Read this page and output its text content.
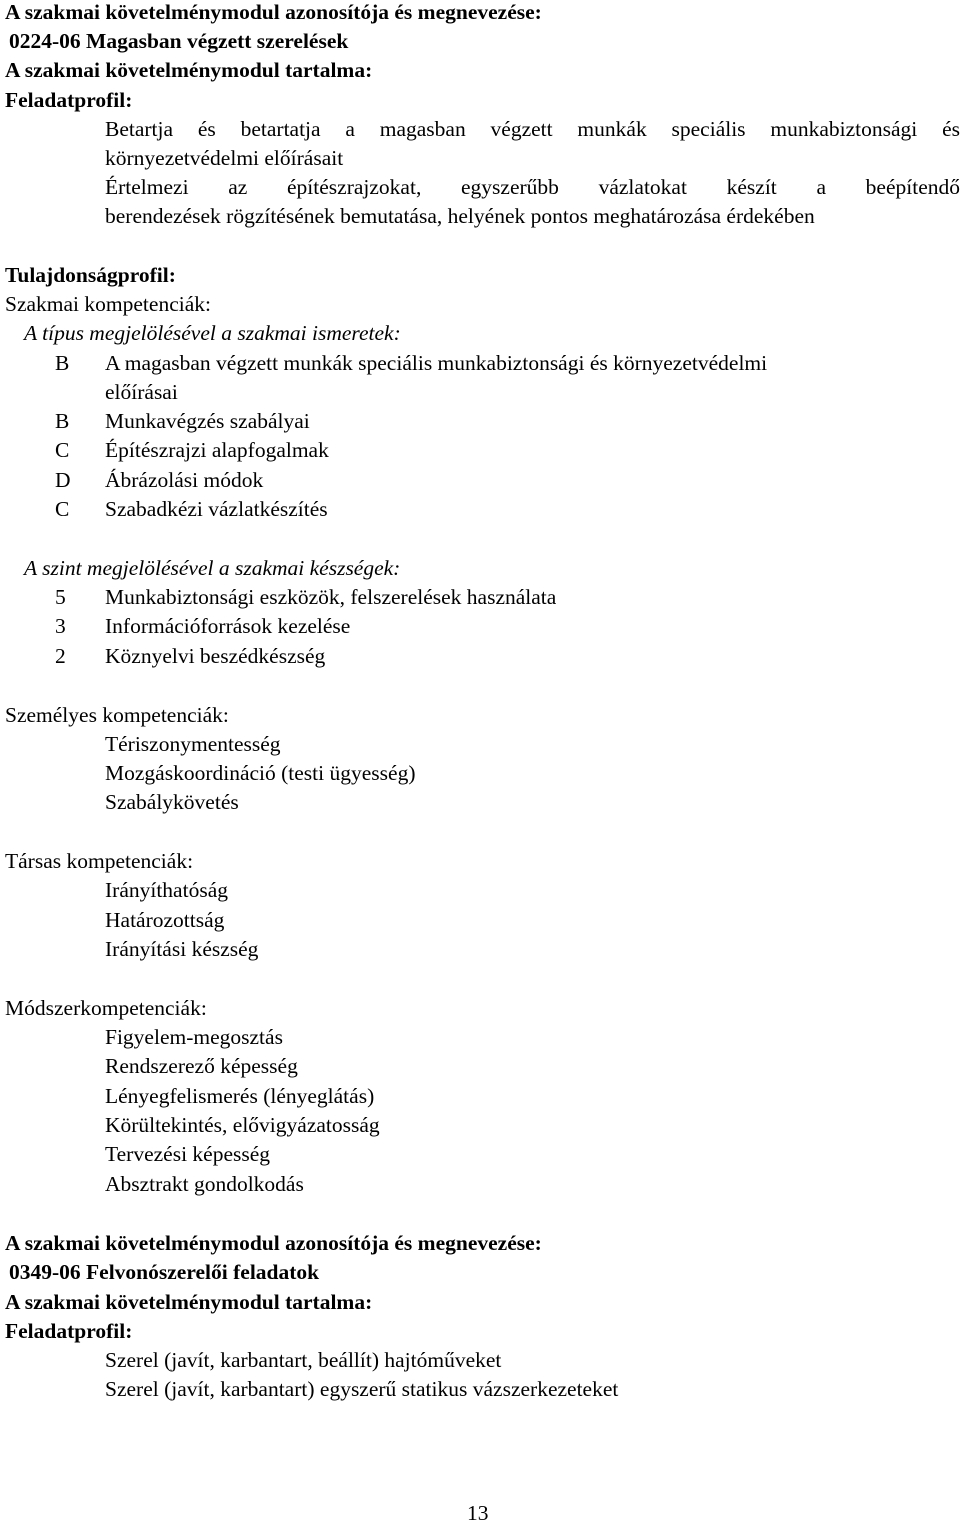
A szakmai követelménymodul azonosítója és megnevezése:
0224-06 Magasban végzett szerelések
A szakmai követelménymodul tartalma:
Feladatprofil:
Betartja és betartatja a magasban végzett munkák speciális munkabiztonsági és
környezetvédelmi előírásait
Értelmezi az építészrajzokat, egyszerűbb vázlatokat készít a beépítendő
berendezések rögzítésének bemutatása, helyének pontos meghatározása érdekében
Tulajdonságprofil:
Szakmai kompetenciák:
A típus megjelölésével a szakmai ismeretek:
B A magasban végzett munkák speciális munkabiztonsági és környezetvédelmi
előírásai
B Munkavégzés szabályai
C Építészrajzi alapfogalmak
D Ábrázolási módok
C Szabadkézi vázlatkészítés
A szint megjelölésével a szakmai készségek:
5 Munkabiztonsági eszközök, felszerelések használata
3 Információforrások kezelése
2 Köznyelvi beszédkészség
Személyes kompetenciák:
Tériszonymentesség
Mozgáskoordináció (testi ügyesség)
Szabálykövetés
Társas kompetenciák:
Irányíthatóság
Határozottság
Irányítási készség
Módszerkompetenciák:
Figyelem-megosztás
Rendszerező képesség
Lényegfelismerés (lényeglátás)
Körültekintés, elővigyázatosság
Tervezési képesség
Absztrakt gondolkodás
A szakmai követelménymodul azonosítója és megnevezése:
0349-06 Felvonószerelői feladatok
A szakmai követelménymodul tartalma:
Feladatprofil:
Szerel (javít, karbantart, beállít) hajtóműveket
Szerel (javít, karbantart) egyszerű statikus vázszerkezeteket
13
